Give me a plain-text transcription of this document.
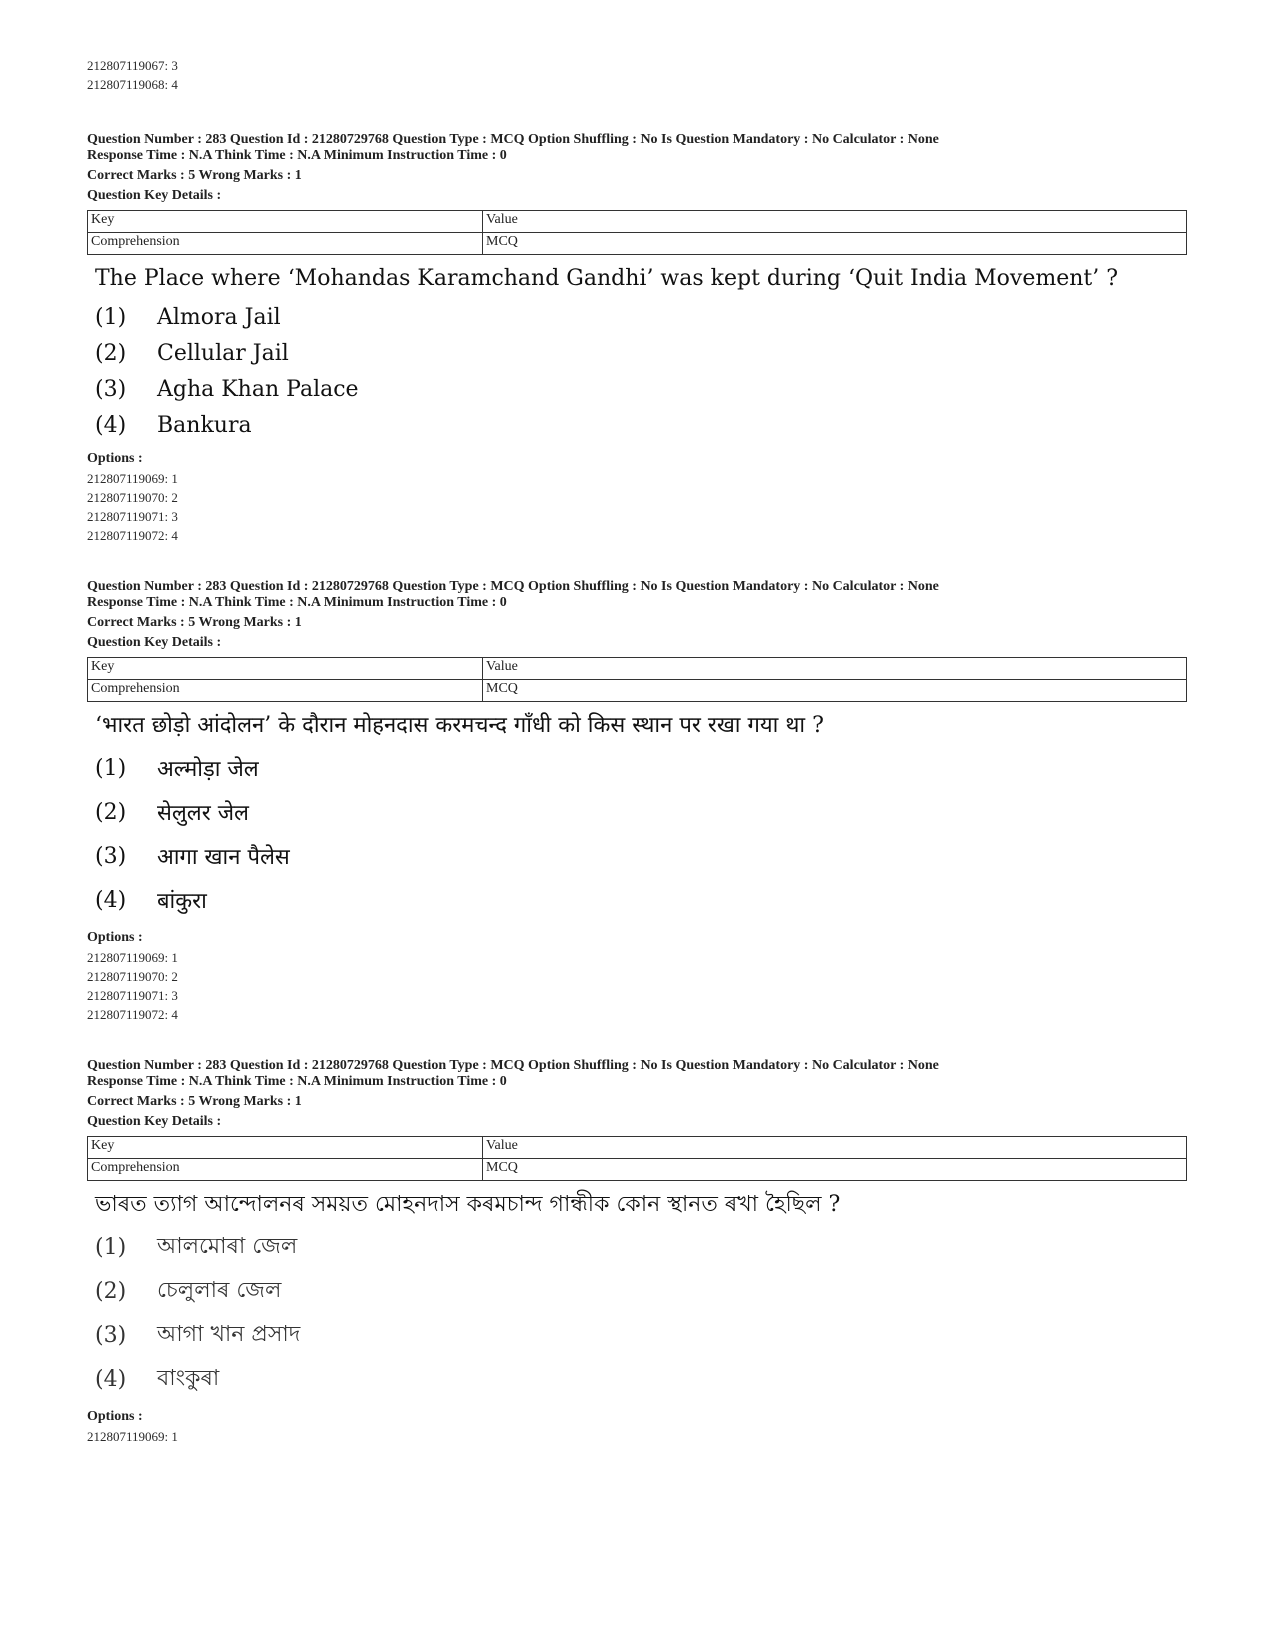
212807119067: 3
212807119068: 4
Question Number : 283 Question Id : 21280729768 Question Type : MCQ Option Shuffling : No Is Question Mandatory : No Calculator : None
Response Time : N.A Think Time : N.A Minimum Instruction Time : 0
Correct Marks : 5 Wrong Marks : 1
Question Key Details :
Key	Value
Comprehension	MCQ
The Place where ‘Mohandas Karamchand Gandhi’ was kept during ‘Quit India Movement’ ?
(1)	Almora Jail
(2)	Cellular Jail
(3)	Agha Khan Palace
(4)	Bankura
Options :
212807119069: 1
212807119070: 2
212807119071: 3
212807119072: 4
Question Number : 283 Question Id : 21280729768 Question Type : MCQ Option Shuffling : No Is Question Mandatory : No Calculator : None
Response Time : N.A Think Time : N.A Minimum Instruction Time : 0
Correct Marks : 5 Wrong Marks : 1
Question Key Details :
Key	Value
Comprehension	MCQ
‘भारत छोड़ो आंदोलन’ के दौरान मोहनदास करमचन्द गाँधी को किस स्थान पर रखा गया था ?
(1)	अल्मोड़ा जेल
(2)	सेलुलर जेल
(3)	आगा खान पैलेस
(4)	बांकुरा
Options :
212807119069: 1
212807119070: 2
212807119071: 3
212807119072: 4
Question Number : 283 Question Id : 21280729768 Question Type : MCQ Option Shuffling : No Is Question Mandatory : No Calculator : None
Response Time : N.A Think Time : N.A Minimum Instruction Time : 0
Correct Marks : 5 Wrong Marks : 1
Question Key Details :
Key	Value
Comprehension	MCQ
ভাৰত ত্যাগ আন্দোলনৰ সময়ত মোহনদাস কৰমচান্দ গান্ধীক কোন স্থানত ৰখা হৈছিল ?
(1)	আলমোৰা জেল
(2)	চেলুলাৰ জেল
(3)	আগা খান প্ৰসাদ
(4)	বাংকুৰা
Options :
212807119069: 1
